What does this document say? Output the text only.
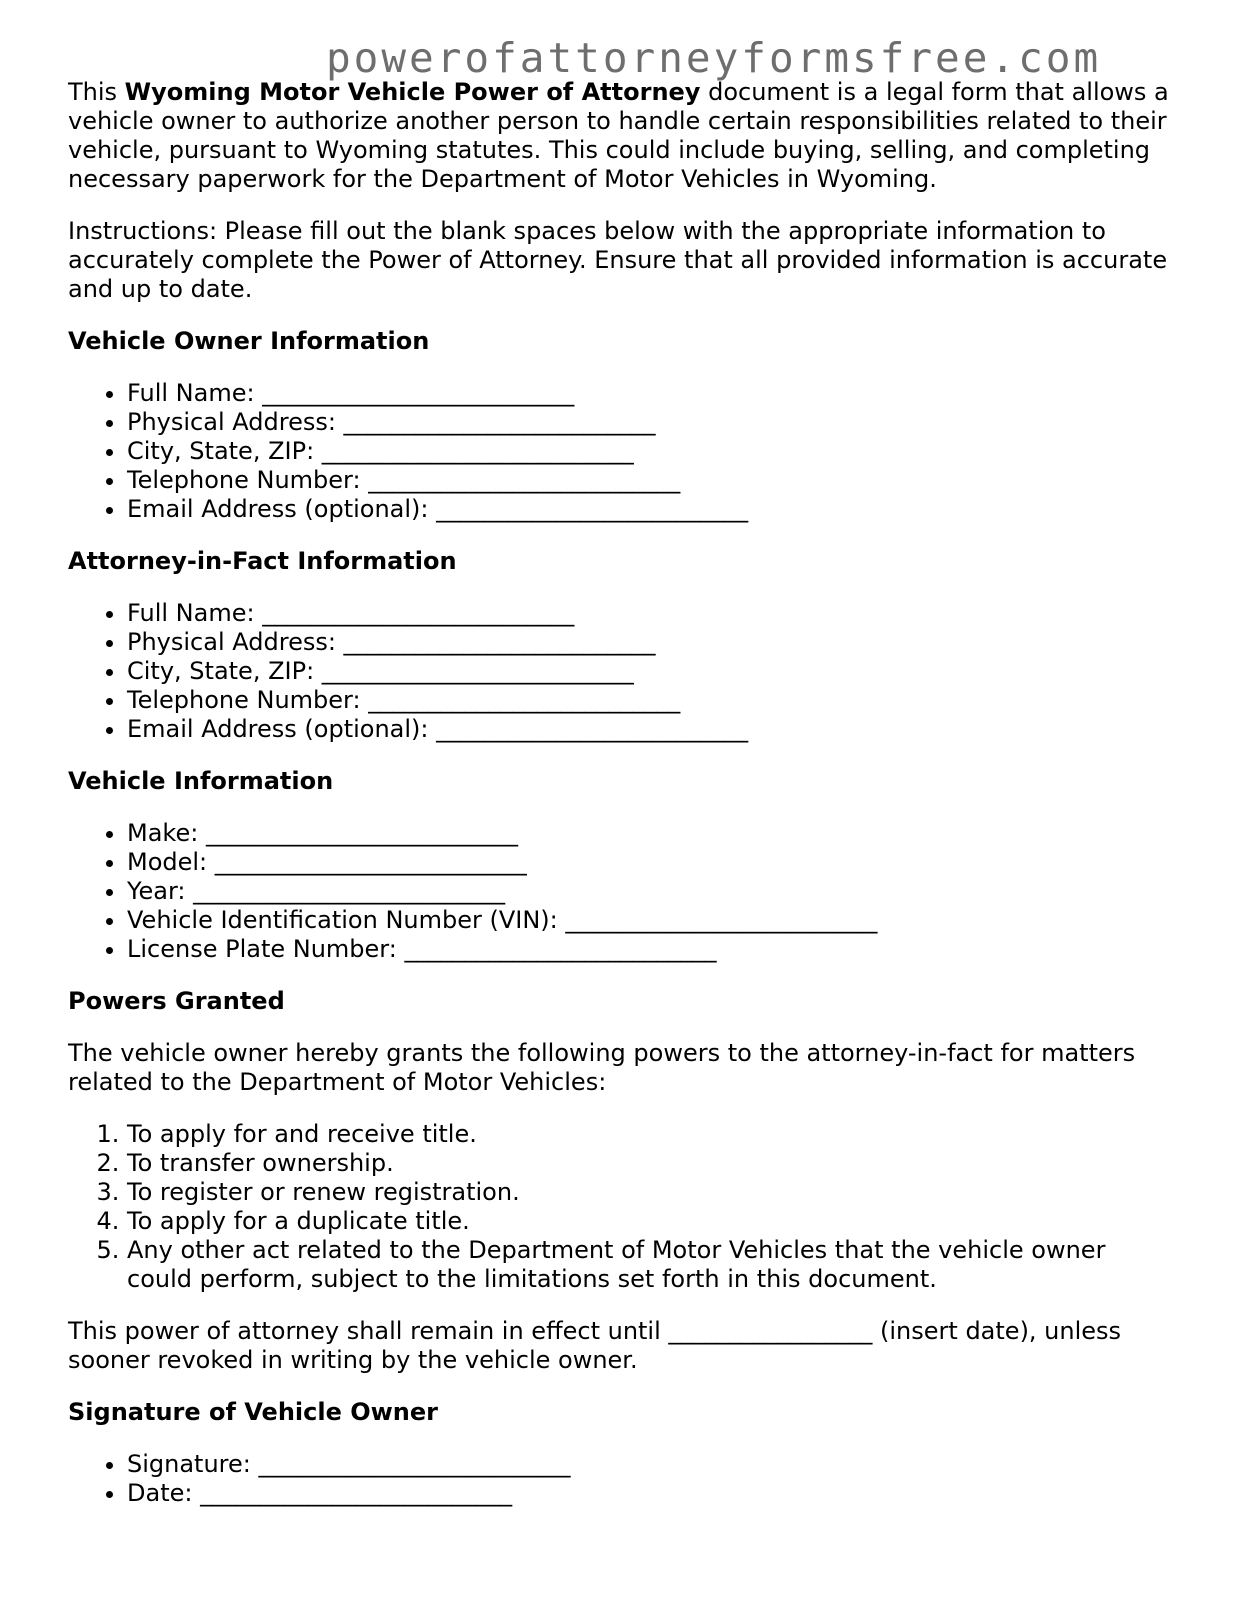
powerofattorneyformsfree.com

This Wyoming Motor Vehicle Power of Attorney document is a legal form that allows a vehicle owner to authorize another person to handle certain responsibilities related to their vehicle, pursuant to Wyoming statutes. This could include buying, selling, and completing necessary paperwork for the Department of Motor Vehicles in Wyoming.

Instructions: Please fill out the blank spaces below with the appropriate information to accurately complete the Power of Attorney. Ensure that all provided information is accurate and up to date.

Vehicle Owner Information
• Full Name: __________________________
• Physical Address: __________________________
• City, State, ZIP: __________________________
• Telephone Number: __________________________
• Email Address (optional): __________________________
Attorney-in-Fact Information
• Full Name: __________________________
• Physical Address: __________________________
• City, State, ZIP: __________________________
• Telephone Number: __________________________
• Email Address (optional): __________________________
Vehicle Information
• Make: __________________________
• Model: __________________________
• Year: __________________________
• Vehicle Identification Number (VIN): __________________________
• License Plate Number: __________________________
Powers Granted

The vehicle owner hereby grants the following powers to the attorney-in-fact for matters related to the Department of Motor Vehicles:

1. To apply for and receive title.
2. To transfer ownership.
3. To register or renew registration.
4. To apply for a duplicate title.
5. Any other act related to the Department of Motor Vehicles that the vehicle owner could perform, subject to the limitations set forth in this document.

This power of attorney shall remain in effect until _________________ (insert date), unless sooner revoked in writing by the vehicle owner.

Signature of Vehicle Owner
• Signature: __________________________
• Date: __________________________
